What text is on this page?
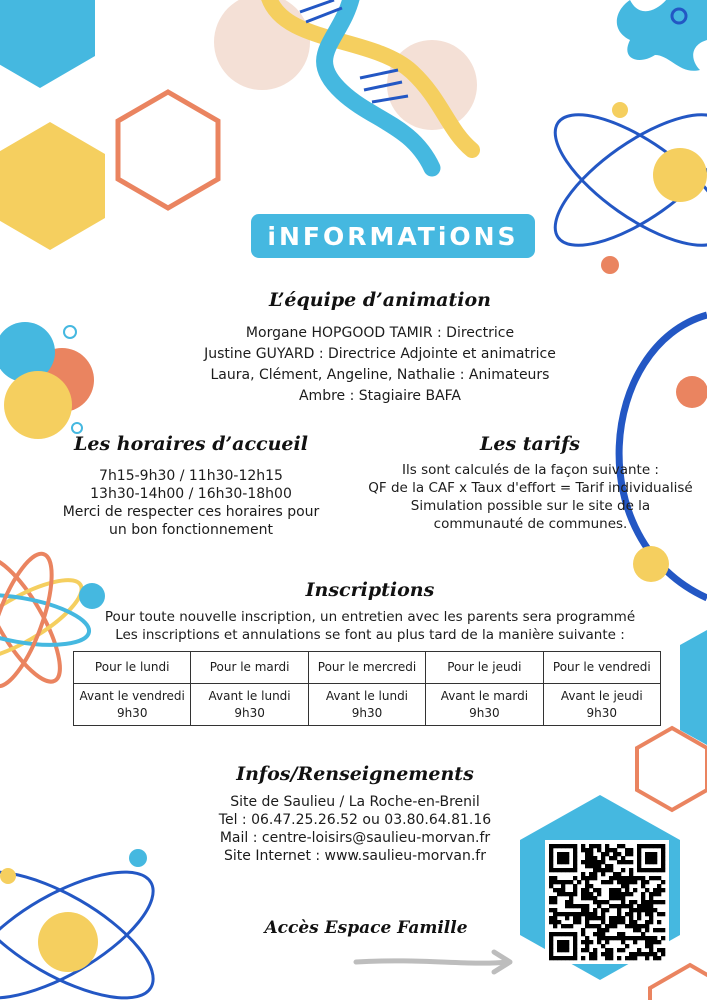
iNFORMATiONS
L’équipe d’animation
Morgane HOPGOOD TAMIR : Directrice
Justine GUYARD : Directrice Adjointe et animatrice
Laura, Clément, Angeline, Nathalie : Animateurs
Ambre : Stagiaire BAFA
Les horaires d’accueil
7h15-9h30 / 11h30-12h15
13h30-14h00 / 16h30-18h00
Merci de respecter ces horaires pour
un bon fonctionnement
Les tarifs
Ils sont calculés de la façon suivante :
QF de la CAF x Taux d'effort = Tarif individualisé
Simulation possible sur le site de la
communauté de communes.
Inscriptions
Pour toute nouvelle inscription, un entretien avec les parents sera programmé
Les inscriptions et annulations se font au plus tard de la manière suivante :
Pour le lundi	Pour le mardi	Pour le mercredi	Pour le jeudi	Pour le vendredi

Avant le vendredi
9h30	Avant le lundi
9h30	Avant le lundi
9h30	Avant le mardi
9h30	Avant le jeudi
9h30
Infos/Renseignements
Site de Saulieu / La Roche-en-Brenil
Tel : 06.47.25.26.52 ou 03.80.64.81.16
Mail : centre-loisirs@saulieu-morvan.fr
Site Internet : www.saulieu-morvan.fr
Accès Espace Famille
